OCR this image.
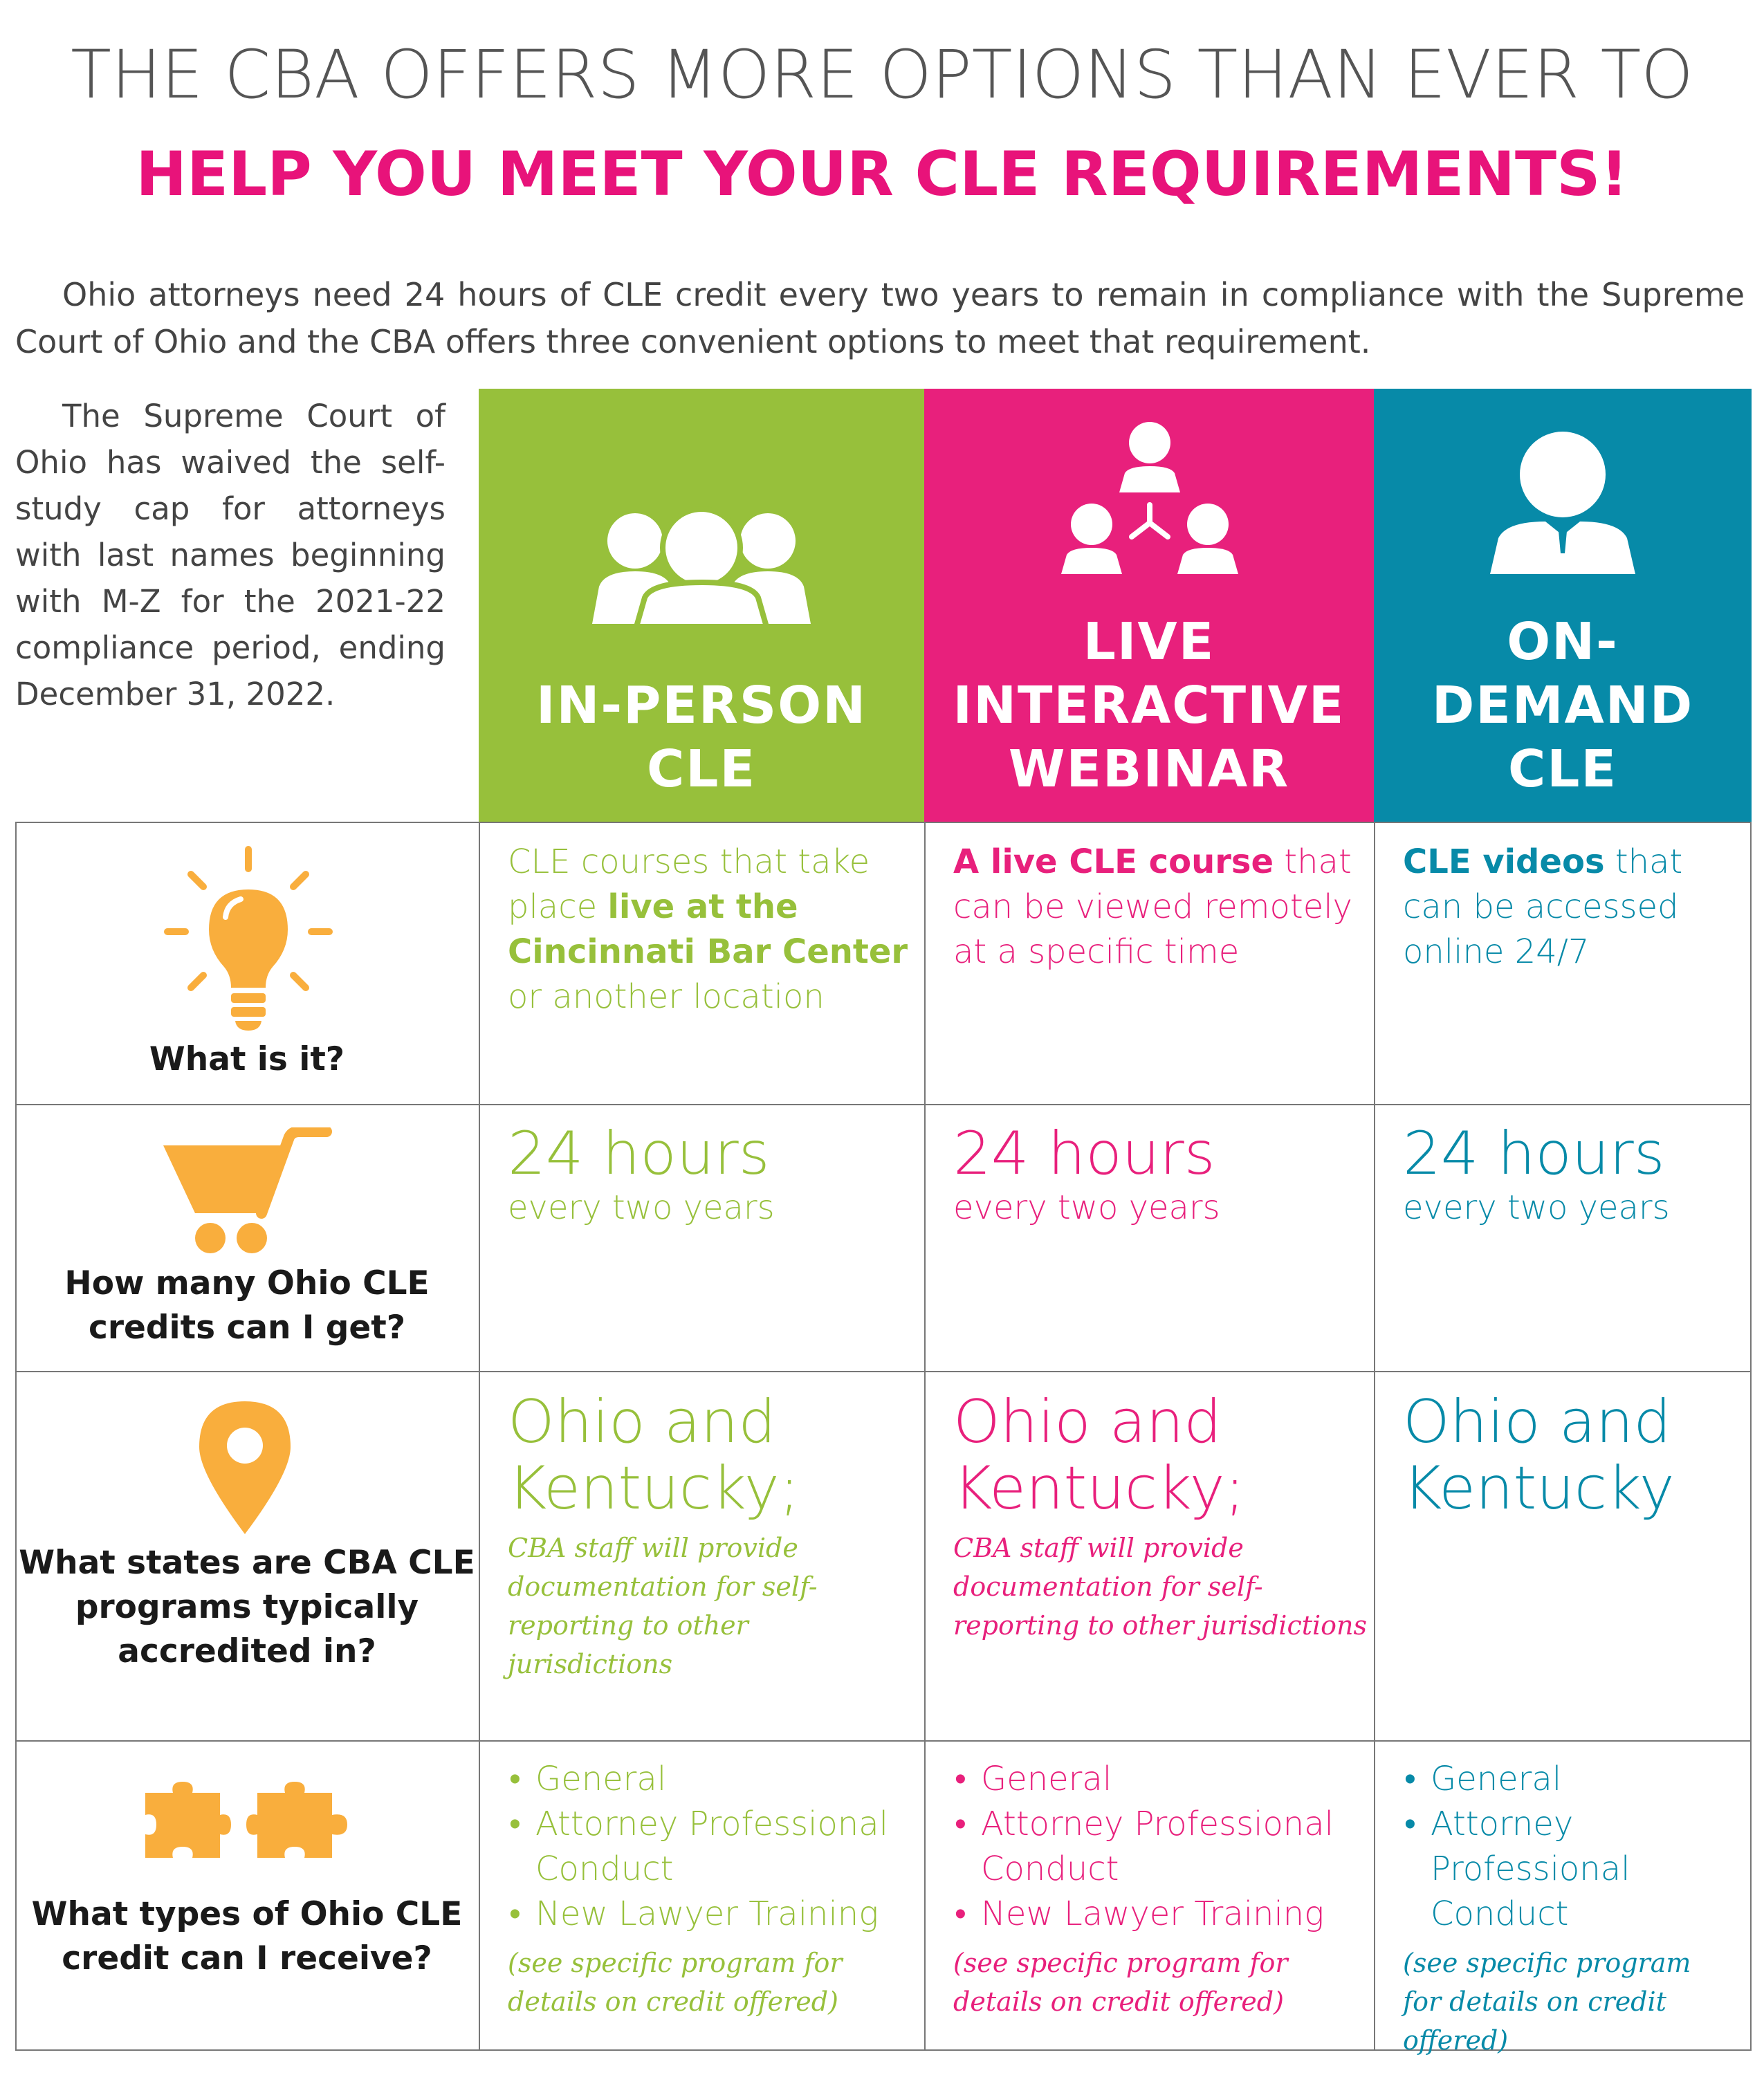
THE CBA OFFERS MORE OPTIONS THAN EVER TO
HELP YOU MEET YOUR CLE REQUIREMENTS!

Ohio attorneys need 24 hours of CLE credit every two years to remain in compliance with the Supreme Court of Ohio and the CBA offers three convenient options to meet that requirement.

The Supreme Court of Ohio has waived the self-study cap for attorneys with last names beginning with M-Z for the 2021-22 compliance period, ending December 31, 2022.	IN-PERSON
CLE
LIVE
INTERACTIVE
WEBINAR
ON-
DEMAND
CLE
What is it?
CLE courses that take place live at the Cincinnati Bar Center or another location
A live CLE course that can be viewed remotely at a specific time
CLE videos that can be accessed online 24/7
How many Ohio CLE credits can I get?
24 hours
every two years
24 hours
every two years
24 hours
every two years
What states are CBA CLE programs typically accredited in?
Ohio and Kentucky;
CBA staff will provide documentation for self-reporting to other jurisdictions
Ohio and Kentucky;
CBA staff will provide documentation for self-reporting to other jurisdictions
Ohio and Kentucky
What types of Ohio CLE credit can I receive?
• General
• Attorney Professional Conduct
• New Lawyer Training
(see specific program for details on credit offered)
• General
• Attorney Professional Conduct
• New Lawyer Training
(see specific program for details on credit offered)
• General
• Attorney Professional Conduct
(see specific program for details on credit offered)
